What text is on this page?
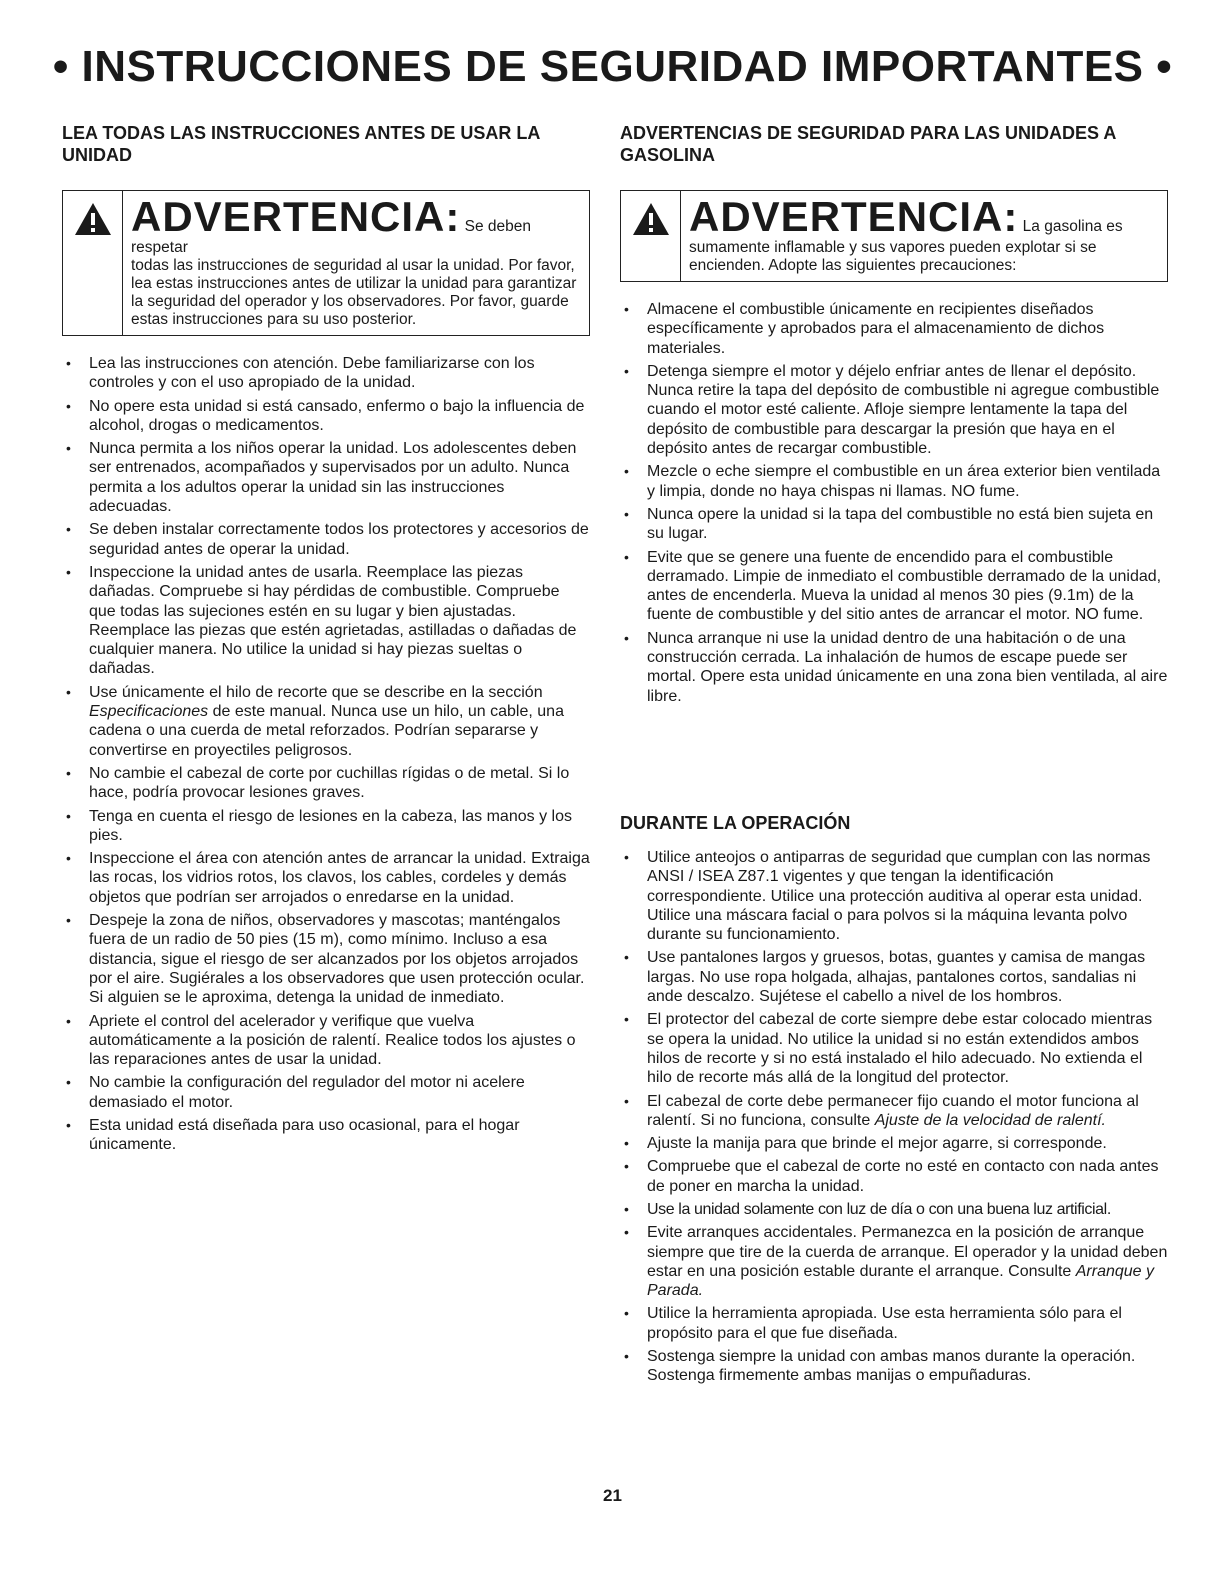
• INSTRUCCIONES DE SEGURIDAD IMPORTANTES •
LEA TODAS LAS INSTRUCCIONES ANTES DE USAR LA UNIDAD
ADVERTENCIA: Se deben respetar
todas las instrucciones de seguridad al usar la unidad. Por favor, lea estas instrucciones antes de utilizar la unidad para garantizar la seguridad del operador y los observadores. Por favor, guarde estas instrucciones para su uso posterior.
• Lea las instrucciones con atención. Debe familiarizarse con los controles y con el uso apropiado de la unidad.
• No opere esta unidad si está cansado, enfermo o bajo la influencia de alcohol, drogas o medicamentos.
• Nunca permita a los niños operar la unidad. Los adolescentes deben ser entrenados, acompañados y supervisados por un adulto. Nunca permita a los adultos operar la unidad sin las instrucciones adecuadas.
• Se deben instalar correctamente todos los protectores y accesorios de seguridad antes de operar la unidad.
• Inspeccione la unidad antes de usarla. Reemplace las piezas dañadas. Compruebe si hay pérdidas de combustible. Compruebe que todas las sujeciones estén en su lugar y bien ajustadas. Reemplace las piezas que estén agrietadas, astilladas o dañadas de cualquier manera. No utilice la unidad si hay piezas sueltas o dañadas.
• Use únicamente el hilo de recorte que se describe en la sección Especificaciones de este manual. Nunca use un hilo, un cable, una cadena o una cuerda de metal reforzados. Podrían separarse y convertirse en proyectiles peligrosos.
• No cambie el cabezal de corte por cuchillas rígidas o de metal. Si lo hace, podría provocar lesiones graves.
• Tenga en cuenta el riesgo de lesiones en la cabeza, las manos y los pies.
• Inspeccione el área con atención antes de arrancar la unidad. Extraiga las rocas, los vidrios rotos, los clavos, los cables, cordeles y demás objetos que podrían ser arrojados o enredarse en la unidad.
• Despeje la zona de niños, observadores y mascotas; manténgalos fuera de un radio de 50 pies (15 m), como mínimo. Incluso a esa distancia, sigue el riesgo de ser alcanzados por los objetos arrojados por el aire. Sugiérales a los observadores que usen protección ocular. Si alguien se le aproxima, detenga la unidad de inmediato.
• Apriete el control del acelerador y verifique que vuelva automáticamente a la posición de ralentí. Realice todos los ajustes o las reparaciones antes de usar la unidad.
• No cambie la configuración del regulador del motor ni acelere demasiado el motor.
• Esta unidad está diseñada para uso ocasional, para el hogar únicamente.
ADVERTENCIAS DE SEGURIDAD PARA LAS UNIDADES A GASOLINA
ADVERTENCIA: La gasolina es
sumamente inflamable y sus vapores pueden explotar si se encienden. Adopte las siguientes precauciones:
• Almacene el combustible únicamente en recipientes diseñados específicamente y aprobados para el almacenamiento de dichos materiales.
• Detenga siempre el motor y déjelo enfriar antes de llenar el depósito. Nunca retire la tapa del depósito de combustible ni agregue combustible cuando el motor esté caliente. Afloje siempre lentamente la tapa del depósito de combustible para descargar la presión que haya en el depósito antes de recargar combustible.
• Mezcle o eche siempre el combustible en un área exterior bien ventilada y limpia, donde no haya chispas ni llamas. NO fume.
• Nunca opere la unidad si la tapa del combustible no está bien sujeta en su lugar.
• Evite que se genere una fuente de encendido para el combustible derramado. Limpie de inmediato el combustible derramado de la unidad, antes de encenderla. Mueva la unidad al menos 30 pies (9.1m) de la fuente de combustible y del sitio antes de arrancar el motor. NO fume.
• Nunca arranque ni use la unidad dentro de una habitación o de una construcción cerrada. La inhalación de humos de escape puede ser mortal. Opere esta unidad únicamente en una zona bien ventilada, al aire libre.
DURANTE LA OPERACIÓN
• Utilice anteojos o antiparras de seguridad que cumplan con las normas ANSI / ISEA Z87.1 vigentes y que tengan la identificación correspondiente. Utilice una protección auditiva al operar esta unidad. Utilice una máscara facial o para polvos si la máquina levanta polvo durante su funcionamiento.
• Use pantalones largos y gruesos, botas, guantes y camisa de mangas largas. No use ropa holgada, alhajas, pantalones cortos, sandalias ni ande descalzo. Sujétese el cabello a nivel de los hombros.
• El protector del cabezal de corte siempre debe estar colocado mientras se opera la unidad. No utilice la unidad si no están extendidos ambos hilos de recorte y si no está instalado el hilo adecuado. No extienda el hilo de recorte más allá de la longitud del protector.
• El cabezal de corte debe permanecer fijo cuando el motor funciona al ralentí. Si no funciona, consulte Ajuste de la velocidad de ralentí.
• Ajuste la manija para que brinde el mejor agarre, si corresponde.
• Compruebe que el cabezal de corte no esté en contacto con nada antes de poner en marcha la unidad.
• Use la unidad solamente con luz de día o con una buena luz artificial.
• Evite arranques accidentales. Permanezca en la posición de arranque siempre que tire de la cuerda de arranque. El operador y la unidad deben estar en una posición estable durante el arranque. Consulte Arranque y Parada.
• Utilice la herramienta apropiada. Use esta herramienta sólo para el propósito para el que fue diseñada.
• Sostenga siempre la unidad con ambas manos durante la operación. Sostenga firmemente ambas manijas o empuñaduras.
21
